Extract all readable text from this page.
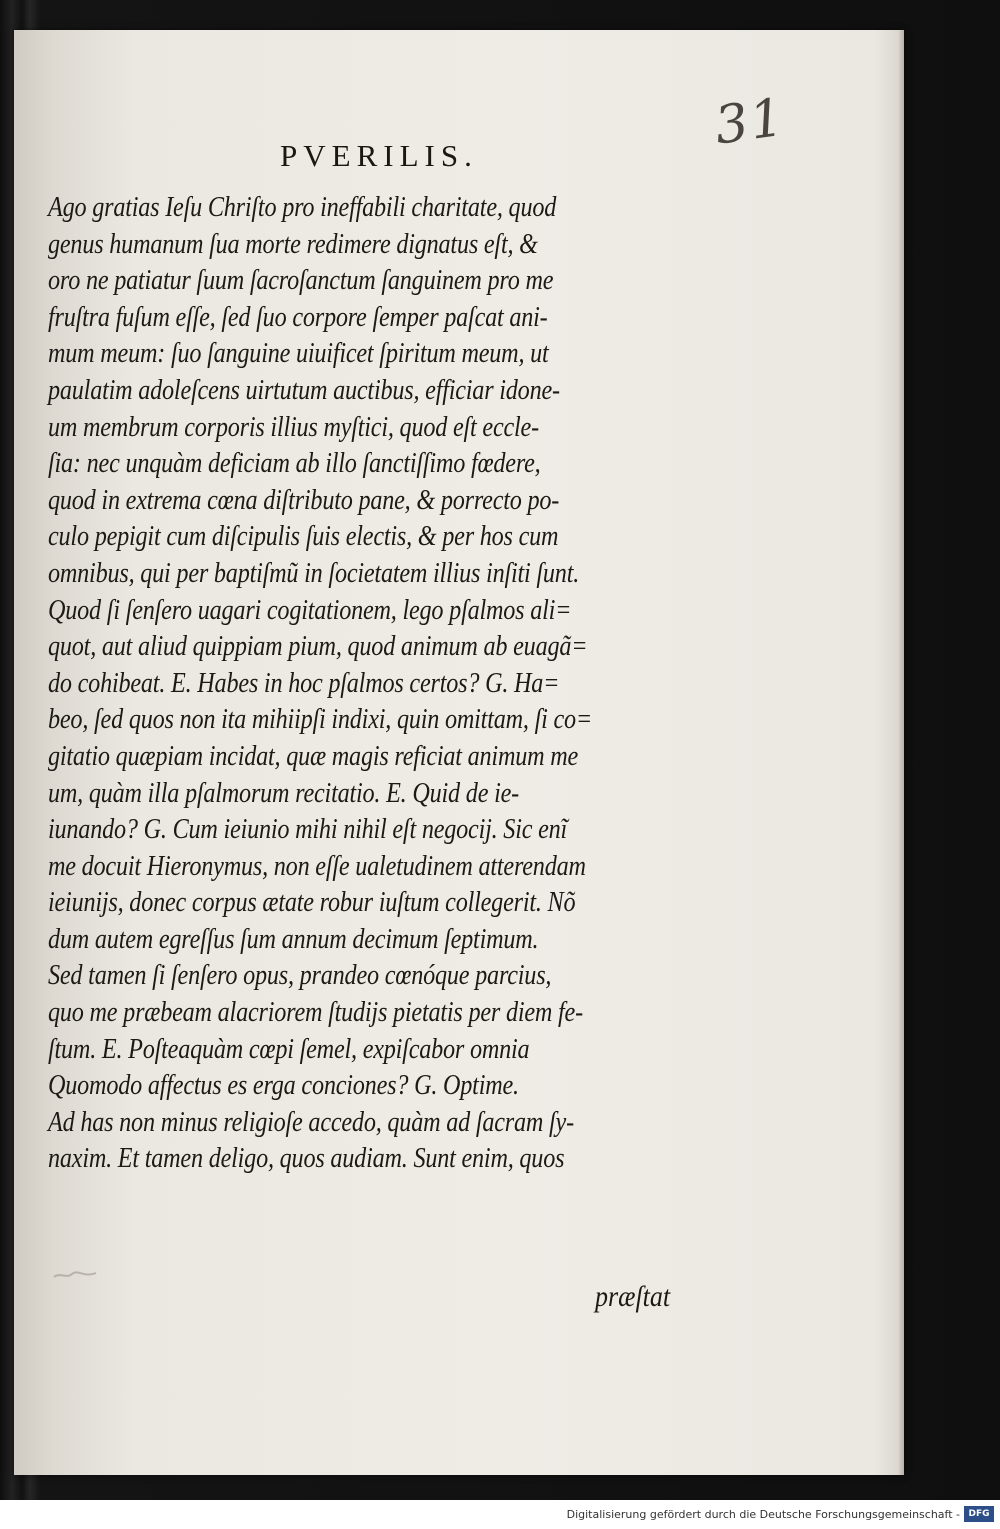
31
PVERILIS.
Ago gratias Ieſu Chriſto pro ineffabili charitate, quod
genus humanum ſua morte redimere dignatus eſt, &
oro ne patiatur ſuum ſacroſanctum ſanguinem pro me
fruſtra fuſum eſſe, ſed ſuo corpore ſemper paſcat ani-
mum meum: ſuo ſanguine uiuificet ſpiritum meum, ut
paulatim adoleſcens uirtutum auctibus, efficiar idone-
um membrum corporis illius myſtici, quod eſt eccle-
ſia: nec unquàm deficiam ab illo ſanctiſſimo fœdere,
quod in extrema cœna diſtributo pane, & porrecto po-
culo pepigit cum diſcipulis ſuis electis, & per hos cum
omnibus, qui per baptiſmũ in ſocietatem illius inſiti ſunt.
Quod ſi ſenſero uagari cogitationem, lego pſalmos ali=
quot, aut aliud quippiam pium, quod animum ab euagã=
do cohibeat. E. Habes in hoc pſalmos certos? G. Ha=
beo, ſed quos non ita mihiipſi indixi, quin omittam, ſi co=
gitatio quæpiam incidat, quæ magis reficiat animum me
um, quàm illa pſalmorum recitatio. E. Quid de ie-
iunando? G. Cum ieiunio mihi nihil eſt negocij. Sic enĩ
me docuit Hieronymus, non eſſe ualetudinem atterendam
ieiunijs, donec corpus ætate robur iuſtum collegerit. Nõ
dum autem egreſſus ſum annum decimum ſeptimum.
Sed tamen ſi ſenſero opus, prandeo cœnóque parcius,
quo me præbeam alacriorem ſtudijs pietatis per diem fe-
ſtum. E. Poſteaquàm cœpi ſemel, expiſcabor omnia
Quomodo affectus es erga conciones? G. Optime.
Ad has non minus religioſe accedo, quàm ad ſacram ſy-
naxim. Et tamen deligo, quos audiam. Sunt enim, quos
præſtat
Digitalisierung gefördert durch die Deutsche Forschungsgemeinschaft - DFG
